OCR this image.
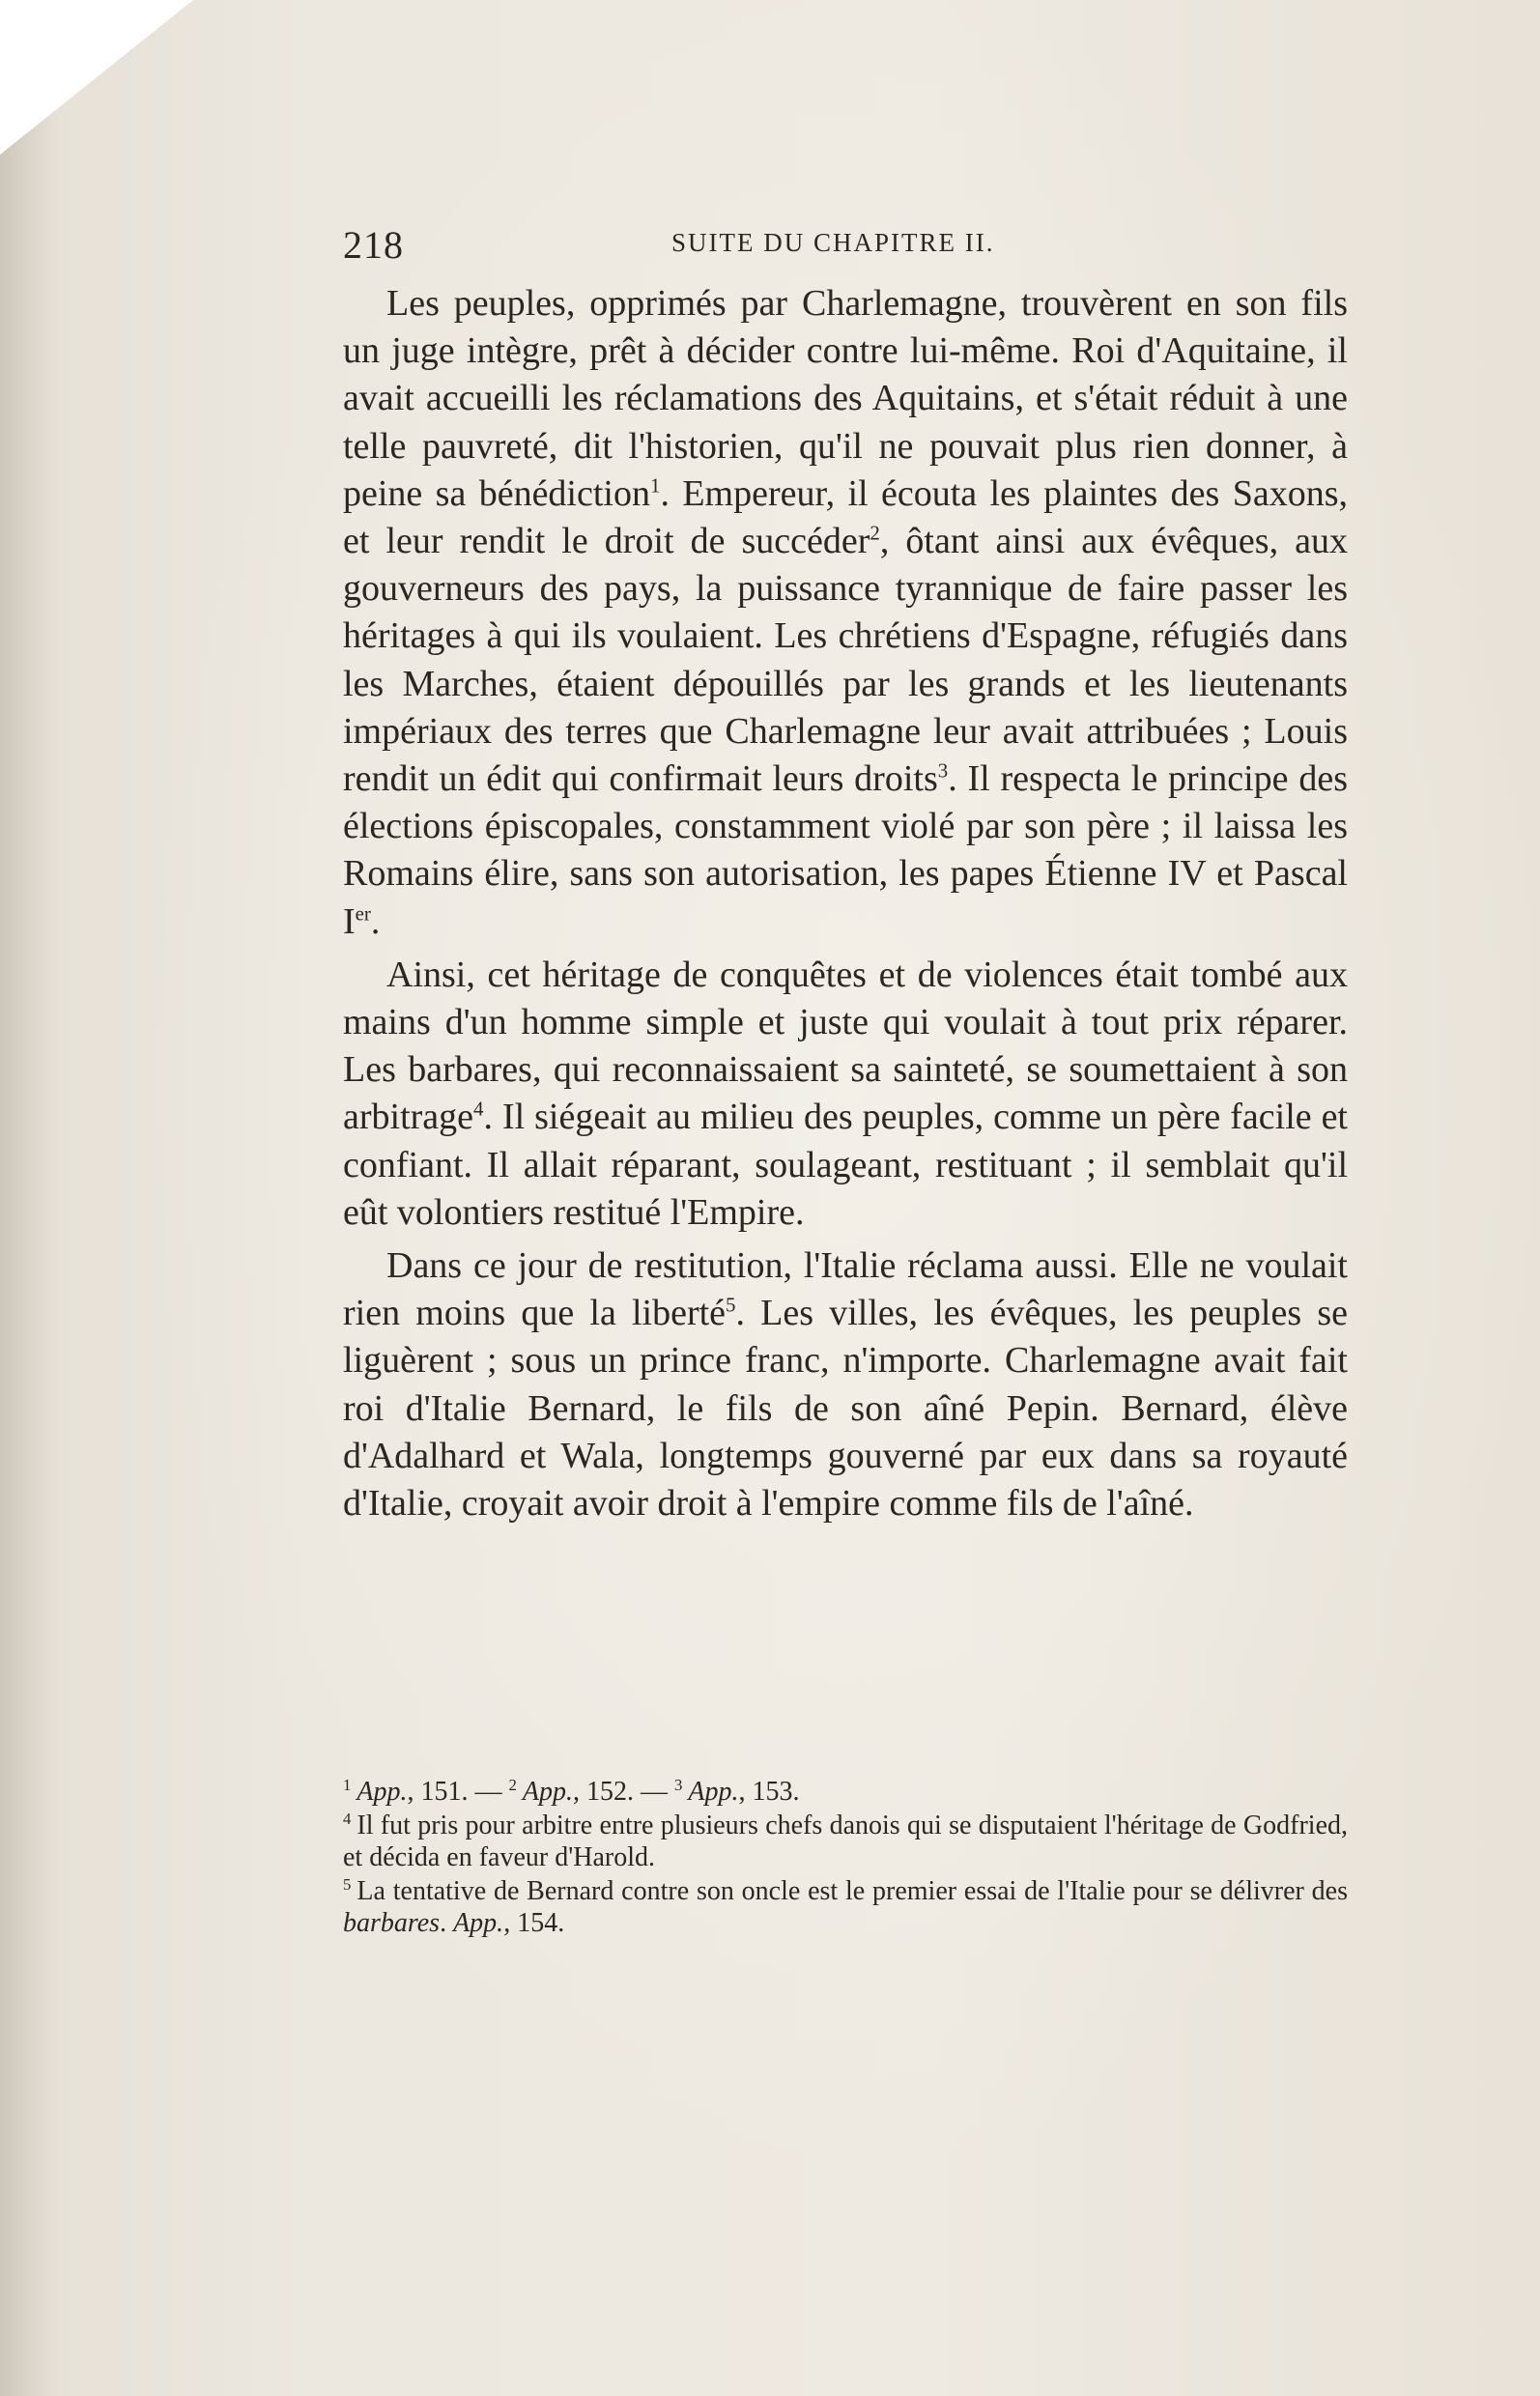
218	SUITE DU CHAPITRE II.

Les peuples, opprimés par Charlemagne, trouvèrent en son fils un juge intègre, prêt à décider contre lui-même. Roi d'Aquitaine, il avait accueilli les réclamations des Aquitains, et s'était réduit à une telle pauvreté, dit l'historien, qu'il ne pouvait plus rien donner, à peine sa bénédiction$^1$. Empereur, il écouta les plaintes des Saxons, et leur rendit le droit de succéder$^2$, ôtant ainsi aux évêques, aux gouverneurs des pays, la puissance tyrannique de faire passer les héritages à qui ils voulaient. Les chrétiens d'Espagne, réfugiés dans les Marches, étaient dépouillés par les grands et les lieutenants impériaux des terres que Charlemagne leur avait attribuées ; Louis rendit un édit qui confirmait leurs droits$^3$. Il respecta le principe des élections épiscopales, constamment violé par son père ; il laissa les Romains élire, sans son autorisation, les papes Étienne IV et Pascal Ier.

Ainsi, cet héritage de conquêtes et de violences était tombé aux mains d'un homme simple et juste qui voulait à tout prix réparer. Les barbares, qui reconnaissaient sa sainteté, se soumettaient à son arbitrage$^4$. Il siégeait au milieu des peuples, comme un père facile et confiant. Il allait réparant, soulageant, restituant ; il semblait qu'il eût volontiers restitué l'Empire.

Dans ce jour de restitution, l'Italie réclama aussi. Elle ne voulait rien moins que la liberté$^5$. Les villes, les évêques, les peuples se liguèrent ; sous un prince franc, n'importe. Charlemagne avait fait roi d'Italie Bernard, le fils de son aîné Pepin. Bernard, élève d'Adalhard et Wala, longtemps gouverné par eux dans sa royauté d'Italie, croyait avoir droit à l'empire comme fils de l'aîné.

$^1$ App., 151. — $^2$ App., 152. — $^3$ App., 153.

$^4$ Il fut pris pour arbitre entre plusieurs chefs danois qui se disputaient l'héritage de Godfried, et décida en faveur d'Harold.

$^5$ La tentative de Bernard contre son oncle est le premier essai de l'Italie pour se délivrer des barbares. App., 154.
